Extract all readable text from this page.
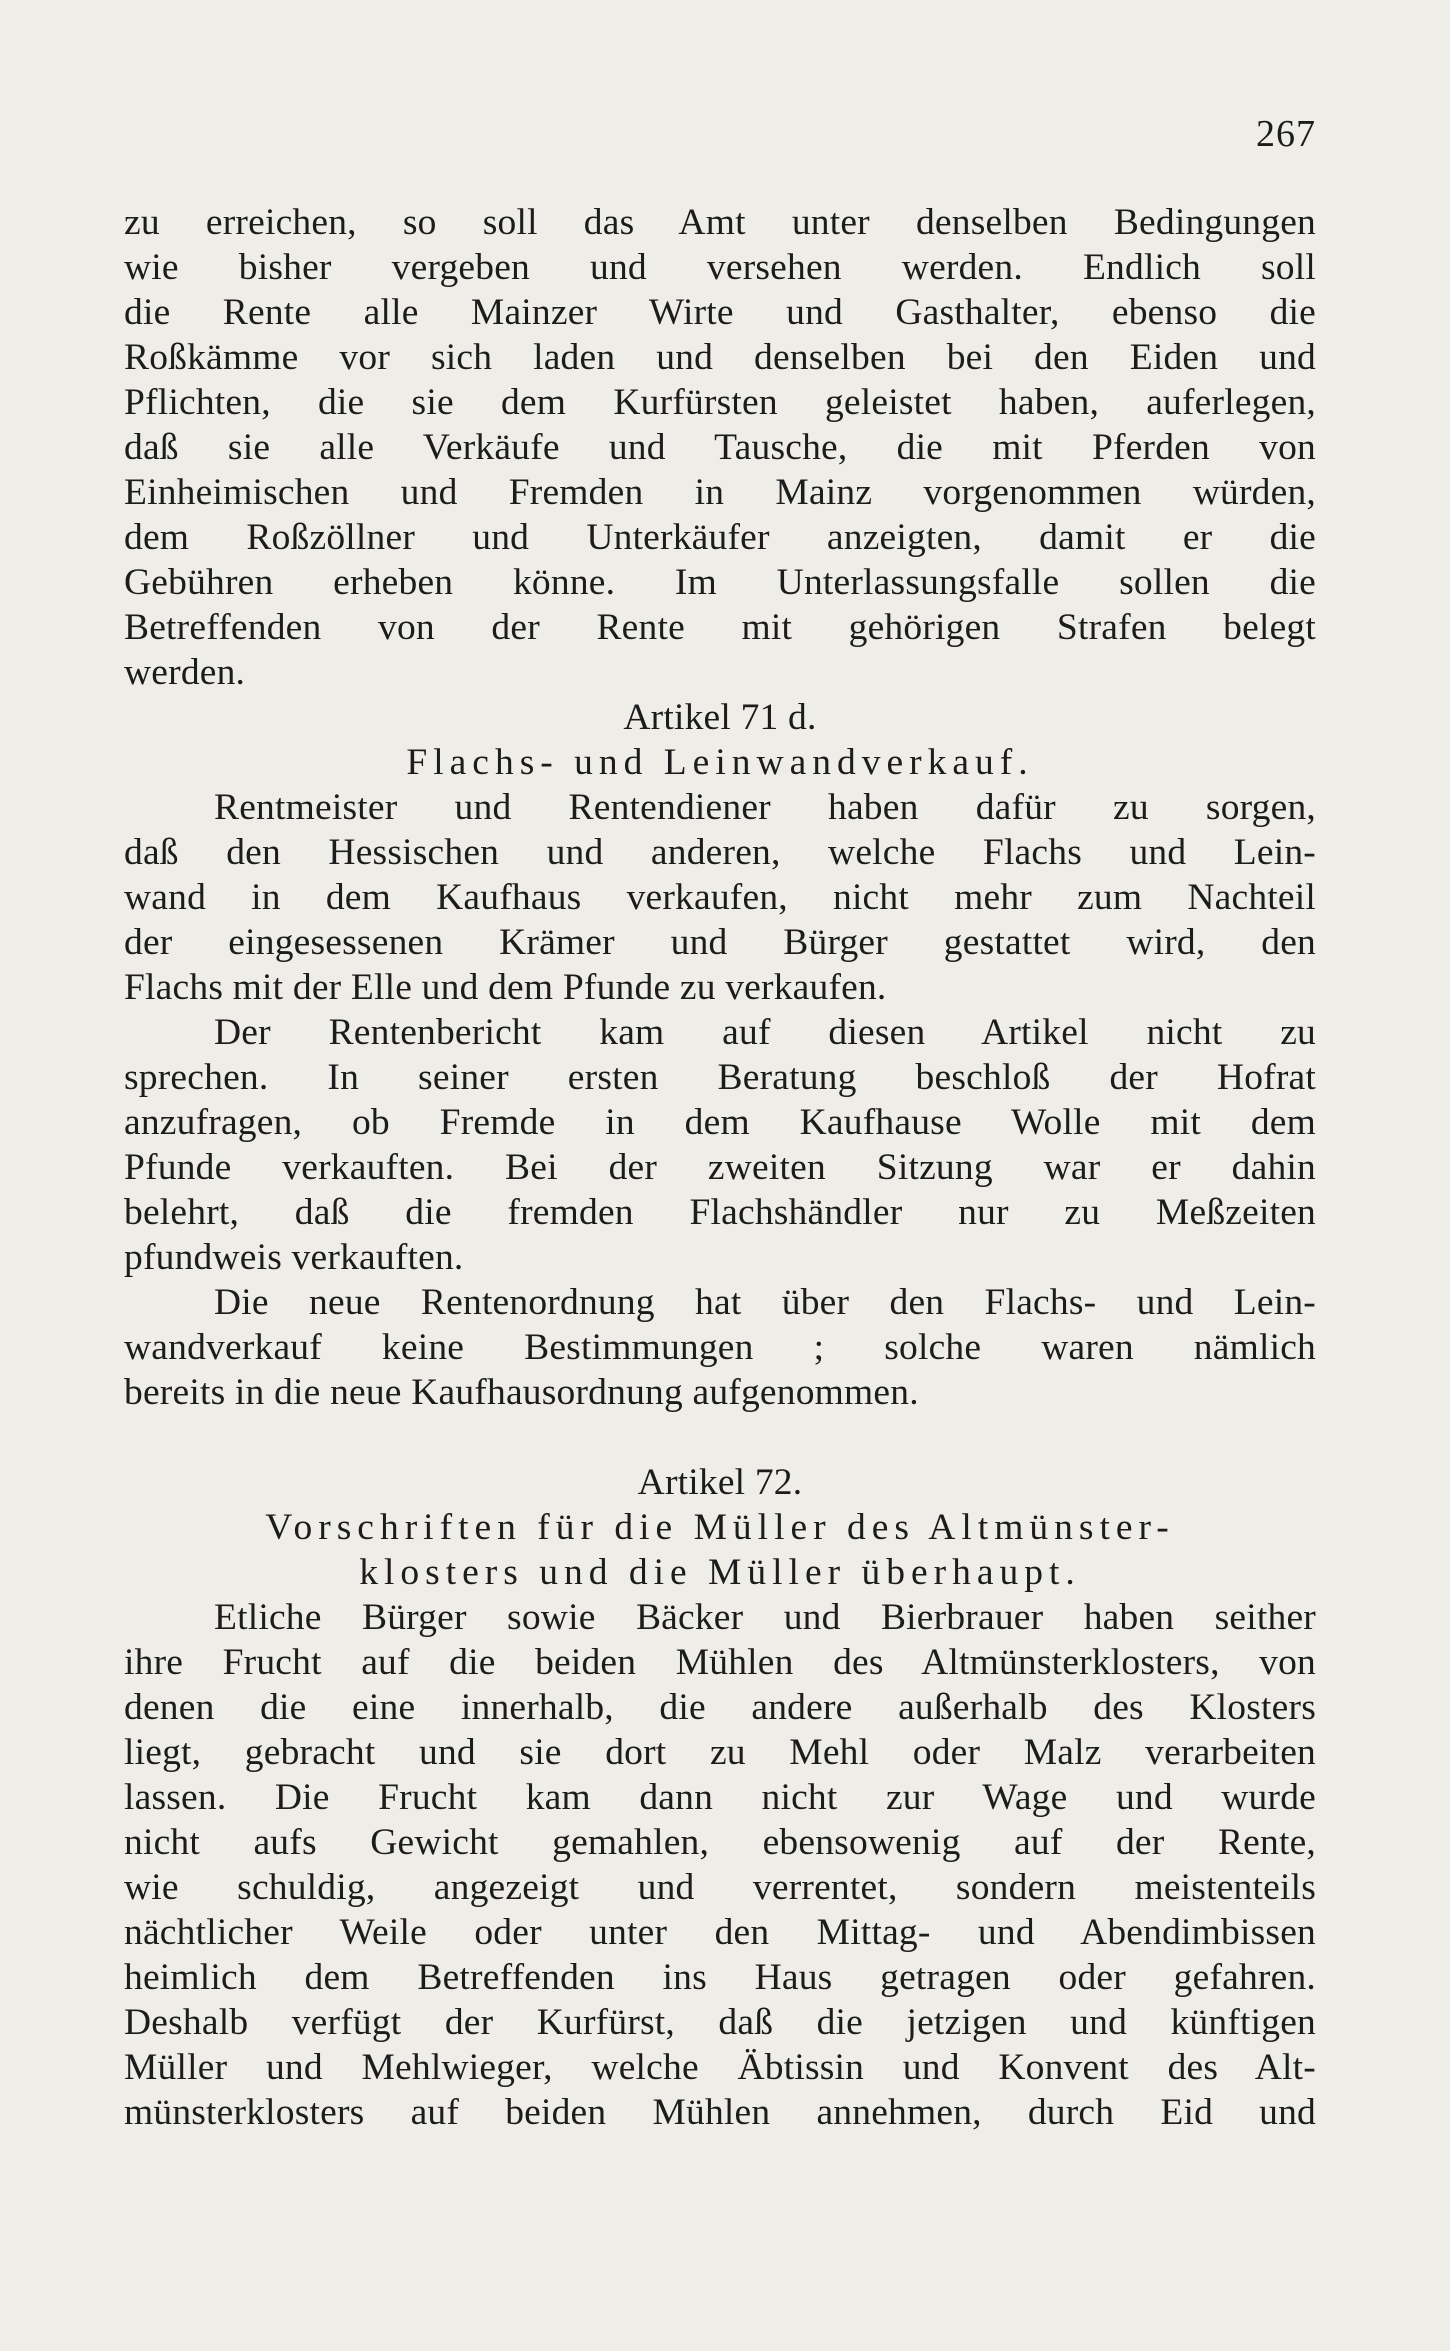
267
zu erreichen, so soll das Amt unter denselben Bedingungen
wie bisher vergeben und versehen werden. Endlich soll
die Rente alle Mainzer Wirte und Gasthalter, ebenso die
Roßkämme vor sich laden und denselben bei den Eiden und
Pflichten, die sie dem Kurfürsten geleistet haben, auferlegen,
daß sie alle Verkäufe und Tausche, die mit Pferden von
Einheimischen und Fremden in Mainz vorgenommen würden,
dem Roßzöllner und Unterkäufer anzeigten, damit er die
Gebühren erheben könne. Im Unterlassungsfalle sollen die
Betreffenden von der Rente mit gehörigen Strafen belegt
werden.
Artikel 71 d.
Flachs- und Leinwandverkauf.
Rentmeister und Rentendiener haben dafür zu sorgen,
daß den Hessischen und anderen, welche Flachs und Lein-
wand in dem Kaufhaus verkaufen, nicht mehr zum Nachteil
der eingesessenen Krämer und Bürger gestattet wird, den
Flachs mit der Elle und dem Pfunde zu verkaufen.
Der Rentenbericht kam auf diesen Artikel nicht zu
sprechen. In seiner ersten Beratung beschloß der Hofrat
anzufragen, ob Fremde in dem Kaufhause Wolle mit dem
Pfunde verkauften. Bei der zweiten Sitzung war er dahin
belehrt, daß die fremden Flachshändler nur zu Meßzeiten
pfundweis verkauften.
Die neue Rentenordnung hat über den Flachs- und Lein-
wandverkauf keine Bestimmungen ; solche waren nämlich
bereits in die neue Kaufhausordnung aufgenommen.
Artikel 72.
Vorschriften für die Müller des Altmünster-
klosters und die Müller überhaupt.
Etliche Bürger sowie Bäcker und Bierbrauer haben seither
ihre Frucht auf die beiden Mühlen des Altmünsterklosters, von
denen die eine innerhalb, die andere außerhalb des Klosters
liegt, gebracht und sie dort zu Mehl oder Malz verarbeiten
lassen. Die Frucht kam dann nicht zur Wage und wurde
nicht aufs Gewicht gemahlen, ebensowenig auf der Rente,
wie schuldig, angezeigt und verrentet, sondern meistenteils
nächtlicher Weile oder unter den Mittag- und Abendimbissen
heimlich dem Betreffenden ins Haus getragen oder gefahren.
Deshalb verfügt der Kurfürst, daß die jetzigen und künftigen
Müller und Mehlwieger, welche Äbtissin und Konvent des Alt-
münsterklosters auf beiden Mühlen annehmen, durch Eid und
